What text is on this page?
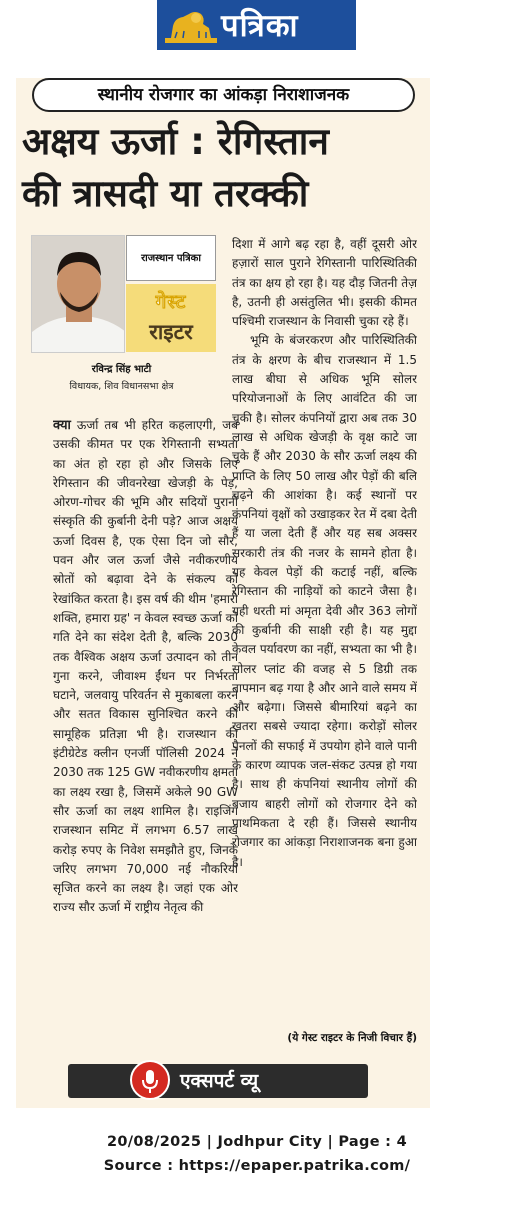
पत्रिका
स्थानीय रोजगार का आंकड़ा निराशाजनक
अक्षय ऊर्जा : रेगिस्तान
की त्रासदी या तरक्की
राजस्थान पत्रिका
गेस्ट
राइटर
रविन्द्र सिंह भाटी
विधायक, शिव विधानसभा क्षेत्र
क्या ऊर्जा तब भी हरित कहलाएगी, जब उसकी कीमत पर एक रेगिस्तानी सभ्यता का अंत हो रहा हो और जिसके लिए रेगिस्तान की जीवनरेखा खेजड़ी के पेड़, ओरण-गोचर की भूमि और सदियों पुरानी संस्कृति की कुर्बानी देनी पड़े? आज अक्षय ऊर्जा दिवस है, एक ऐसा दिन जो सौर, पवन और जल ऊर्जा जैसे नवीकरणीय स्रोतों को बढ़ावा देने के संकल्प को रेखांकित करता है। इस वर्ष की थीम 'हमारी शक्ति, हमारा ग्रह' न केवल स्वच्छ ऊर्जा को गति देने का संदेश देती है, बल्कि 2030 तक वैश्विक अक्षय ऊर्जा उत्पादन को तीन गुना करने, जीवाश्म ईंधन पर निर्भरता घटाने, जलवायु परिवर्तन से मुकाबला करने और सतत विकास सुनिश्चित करने की सामूहिक प्रतिज्ञा भी है। राजस्थान की इंटीग्रेटेड क्लीन एनर्जी पॉलिसी 2024 ने 2030 तक 125 GW नवीकरणीय क्षमता का लक्ष्य रखा है, जिसमें अकेले 90 GW सौर ऊर्जा का लक्ष्य शामिल है। राइजिंग राजस्थान समिट में लगभग 6.57 लाख करोड़ रुपए के निवेश समझौते हुए, जिनके जरिए लगभग 70,000 नई नौकरियां सृजित करने का लक्ष्य है। जहां एक ओर राज्य सौर ऊर्जा में राष्ट्रीय नेतृत्व की

दिशा में आगे बढ़ रहा है, वहीं दूसरी ओर हज़ारों साल पुराने रेगिस्तानी पारिस्थितिकी तंत्र का क्षय हो रहा है। यह दौड़ जितनी तेज़ है, उतनी ही असंतुलित भी। इसकी कीमत पश्चिमी राजस्थान के निवासी चुका रहे हैं।

भूमि के बंजरकरण और पारिस्थितिकी तंत्र के क्षरण के बीच राजस्थान में 1.5 लाख बीघा से अधिक भूमि सोलर परियोजनाओं के लिए आवंटित की जा चुकी है। सोलर कंपनियों द्वारा अब तक 30 लाख से अधिक खेजड़ी के वृक्ष काटे जा चुके हैं और 2030 के सौर ऊर्जा लक्ष्य की प्राप्ति के लिए 50 लाख और पेड़ों की बलि चढ़ने की आशंका है। कई स्थानों पर कंपनियां वृक्षों को उखाड़कर रेत में दबा देती हैं या जला देती हैं और यह सब अक्सर सरकारी तंत्र की नजर के सामने होता है। यह केवल पेड़ों की कटाई नहीं, बल्कि रेगिस्तान की नाड़ियों को काटने जैसा है। यही धरती मां अमृता देवी और 363 लोगों की कुर्बानी की साक्षी रही है। यह मुद्दा केवल पर्यावरण का नहीं, सभ्यता का भी है।सोलर प्लांट की वजह से 5 डिग्री तक तापमान बढ़ गया है और आने वाले समय में और बढ़ेगा। जिससे बीमारियां बढ़ने का खतरा सबसे ज्यादा रहेगा। करोड़ों सोलर पैनलों की सफाई में उपयोग होने वाले पानी के कारण व्यापक जल-संकट उत्पन्न हो गया है। साथ ही कंपनियां स्थानीय लोगों की बजाय बाहरी लोगों को रोजगार देने को प्राथमिकता दे रही हैं। जिससे स्थानीय रोजगार का आंकड़ा निराशाजनक बना हुआ है।

(ये गेस्ट राइटर के निजी विचार हैं)
एक्सपर्ट व्यू
20/08/2025 | Jodhpur City | Page : 4
Source : https://epaper.patrika.com/
